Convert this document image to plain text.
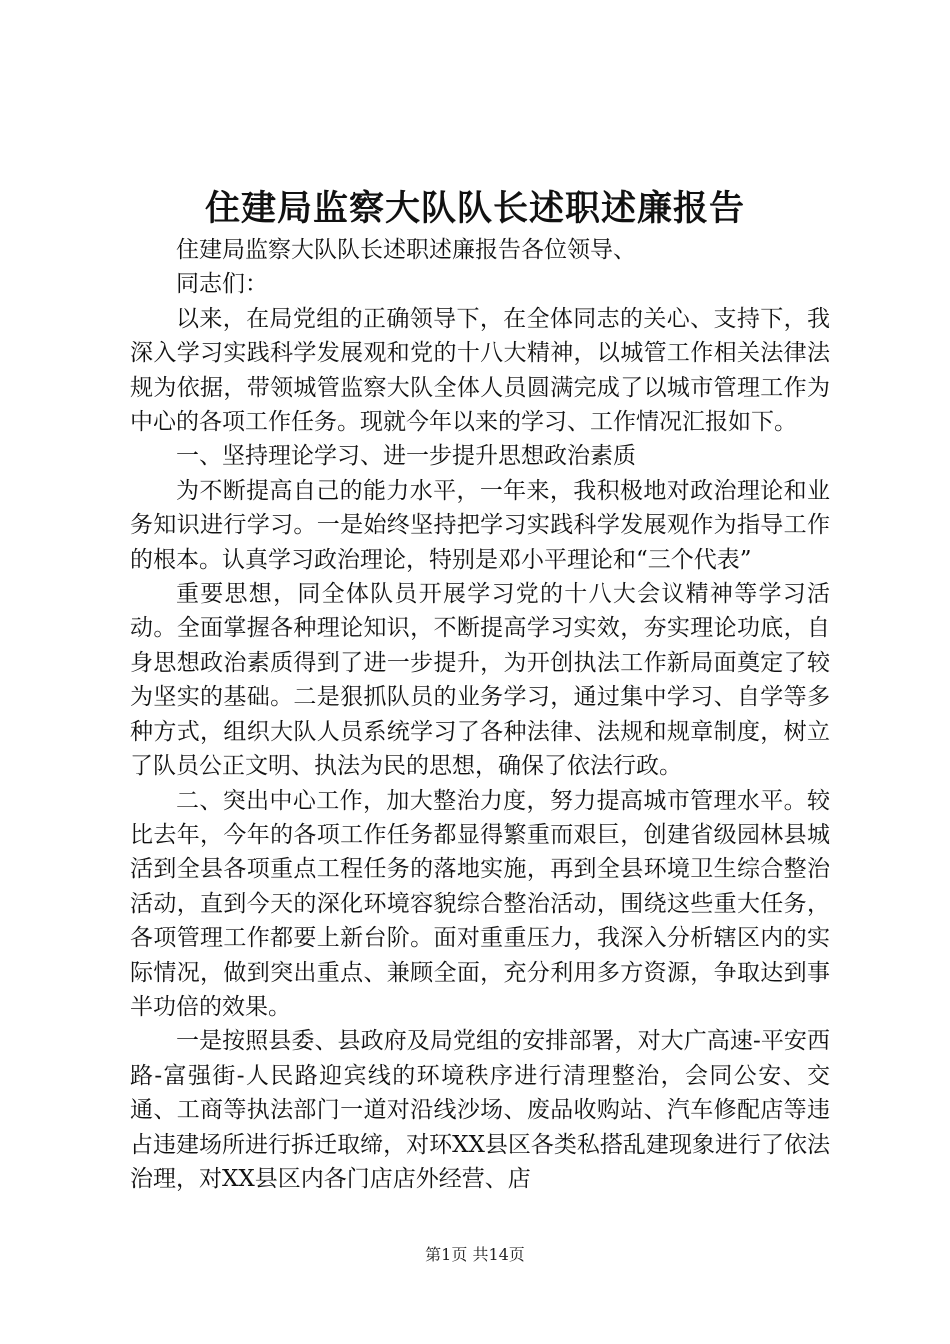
住建局监察大队队长述职述廉报告

住建局监察大队队长述职述廉报告各位领导、

同志们：

以来，在局党组的正确领导下，在全体同志的关心、支持下，我深入学习实践科学发展观和党的十八大精神，以城管工作相关法律法规为依据，带领城管监察大队全体人员圆满完成了以城市管理工作为中心的各项工作任务。现就今年以来的学习、工作情况汇报如下。

一、坚持理论学习、进一步提升思想政治素质

为不断提高自己的能力水平，一年来，我积极地对政治理论和业务知识进行学习。一是始终坚持把学习实践科学发展观作为指导工作的根本。认真学习政治理论，特别是邓小平理论和“三个代表”

重要思想，同全体队员开展学习党的十八大会议精神等学习活动。全面掌握各种理论知识，不断提高学习实效，夯实理论功底，自身思想政治素质得到了进一步提升，为开创执法工作新局面奠定了较为坚实的基础。二是狠抓队员的业务学习，通过集中学习、自学等多种方式，组织大队人员系统学习了各种法律、法规和规章制度，树立了队员公正文明、执法为民的思想，确保了依法行政。

二、突出中心工作，加大整治力度，努力提高城市管理水平。较比去年，今年的各项工作任务都显得繁重而艰巨，创建省级园林县城活到全县各项重点工程任务的落地实施，再到全县环境卫生综合整治活动，直到今天的深化环境容貌综合整治活动，围绕这些重大任务，各项管理工作都要上新台阶。面对重重压力，我深入分析辖区内的实际情况，做到突出重点、兼顾全面，充分利用多方资源，争取达到事半功倍的效果。

一是按照县委、县政府及局党组的安排部署，对大广高速-平安西路-富强街-人民路迎宾线的环境秩序进行清理整治，会同公安、交通、工商等执法部门一道对沿线沙场、废品收购站、汽车修配店等违占违建场所进行拆迁取缔，对环XX县区各类私搭乱建现象进行了依法治理，对XX县区内各门店店外经营、店

第1页 共14页
